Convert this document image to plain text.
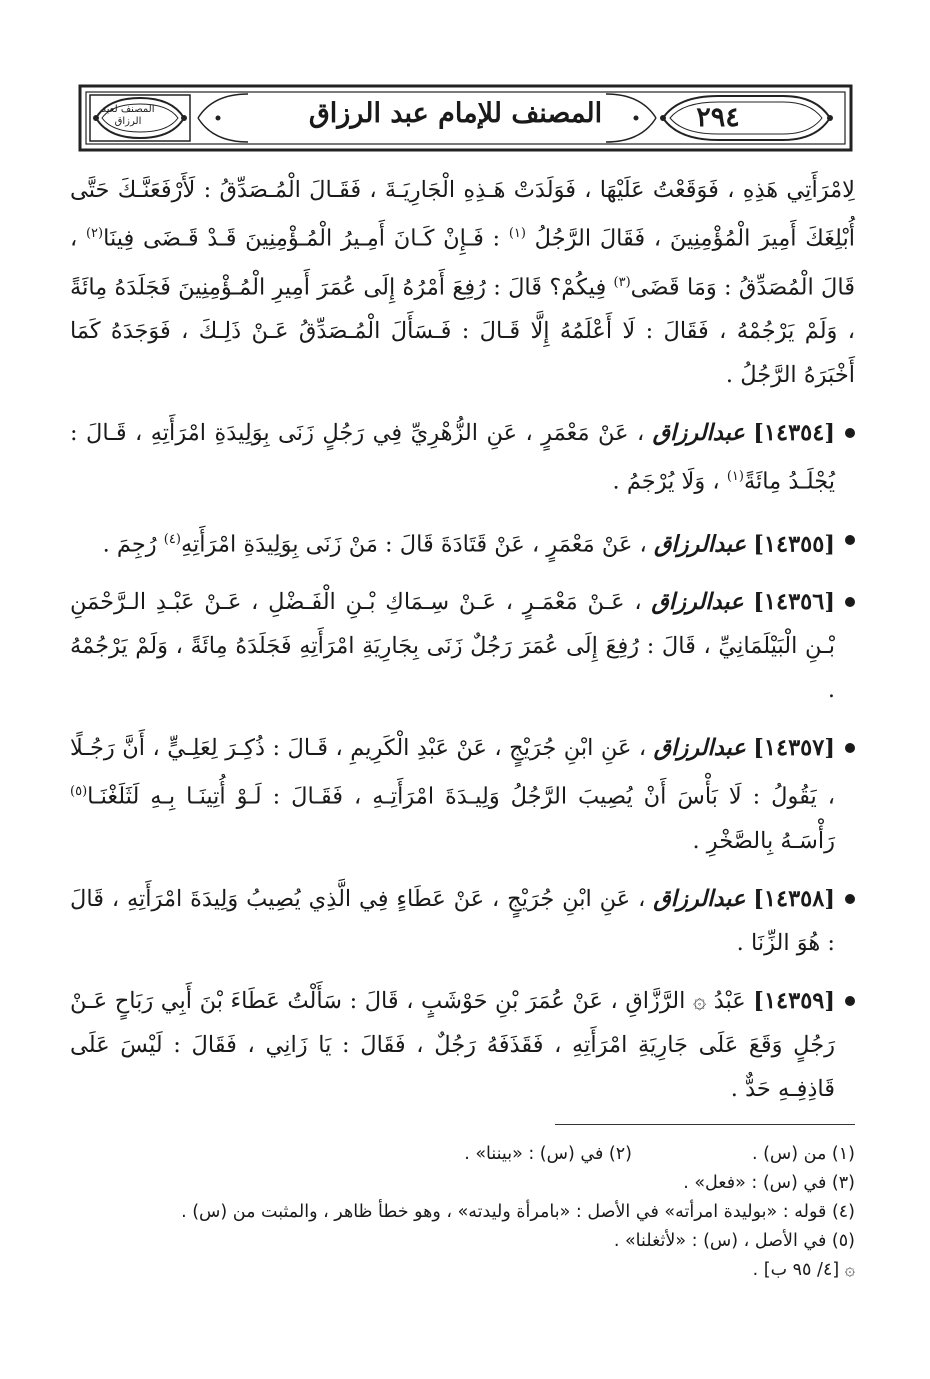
المصنف لعبد الرزاق	٢٩٤
المصنف للإمام عبد الرزاق

لِامْرَأَتِي هَذِهِ ، فَوَقَعْتُ عَلَيْهَا ، فَوَلَدَتْ هَـذِهِ الْجَارِيَـةَ ، فَقَـالَ الْمُـصَدِّقُ : لَأَرْفَعَنَّـكَ حَتَّى أُبْلِغَكَ أَمِيرَ الْمُؤْمِنِينَ ، فَقَالَ الرَّجُلُ $^{(١)}$ : فَـإِنْ كَـانَ أَمِـيرُ الْمُـؤْمِنِينَ قَـدْ قَـضَى فِينَا$^{(٢)}$ ، قَالَ الْمُصَدِّقُ : وَمَا قَضَى$^{(٣)}$ فِيكُمْ؟ قَالَ : رُفِعَ أَمْرُهُ إِلَى عُمَرَ أَمِيرِ الْمُـؤْمِنِينَ فَجَلَدَهُ مِائَةً ، وَلَمْ يَرْجُمْهُ ، فَقَالَ : لَا أَعْلَمُهُ إِلَّا قَـالَ : فَـسَأَلَ الْمُـصَدِّقُ عَـنْ ذَلِـكَ ، فَوَجَدَهُ كَمَا أَخْبَرَهُ الرَّجُلُ .

[١٤٣٥٤] عبدالرزاق ، عَنْ مَعْمَرٍ ، عَنِ الزُّهْرِيِّ فِي رَجُلٍ زَنَى بِوَلِيدَةِ امْرَأَتِهِ ، قَـالَ : يُجْلَـدُ مِائَةً$^{(١)}$ ، وَلَا يُرْجَمُ .
[١٤٣٥٥] عبدالرزاق ، عَنْ مَعْمَرٍ ، عَنْ قَتَادَةَ قَالَ : مَنْ زَنَى بِوَلِيدَةِ امْرَأَتِهِ$^{(٤)}$ رُجِمَ .
[١٤٣٥٦] عبدالرزاق ، عَـنْ مَعْمَـرٍ ، عَـنْ سِـمَاكِ بْـنِ الْفَـضْلِ ، عَـنْ عَبْـدِ الـرَّحْمَنِ بْـنِ الْبَيْلَمَانِيِّ ، قَالَ : رُفِعَ إِلَى عُمَرَ رَجُلٌ زَنَى بِجَارِيَةِ امْرَأَتِهِ فَجَلَدَهُ مِائَةً ، وَلَمْ يَرْجُمْهُ .
[١٤٣٥٧] عبدالرزاق ، عَنِ ابْنِ جُرَيْجٍ ، عَنْ عَبْدِ الْكَرِيمِ ، قَـالَ : ذُكِـرَ لِعَلِـيٍّ ، أَنَّ رَجُـلًا ، يَقُولُ : لَا بَأْسَ أَنْ يُصِيبَ الرَّجُلُ وَلِيـدَةَ امْرَأَتِـهِ ، فَقَـالَ : لَـوْ أُتِينَـا بِـهِ لَثَلَغْنَـا$^{(٥)}$ رَأْسَـهُ بِالصَّخْرِ .
[١٤٣٥٨] عبدالرزاق ، عَنِ ابْنِ جُرَيْجٍ ، عَنْ عَطَاءٍ فِي الَّذِي يُصِيبُ وَلِيدَةَ امْرَأَتِهِ ، قَالَ : هُوَ الزِّنَا .
[١٤٣٥٩] عَبْدُ ۞ الرَّزَّاقِ ، عَنْ عُمَرَ بْنِ حَوْشَبٍ ، قَالَ : سَأَلْتُ عَطَاءَ بْنَ أَبِي رَبَاحٍ عَـنْ رَجُلٍ وَقَعَ عَلَى جَارِيَةِ امْرَأَتِهِ ، فَقَذَفَهُ رَجُلٌ ، فَقَالَ : يَا زَانِي ، فَقَالَ : لَيْسَ عَلَى قَاذِفِـهِ حَدٌّ .
(١) من (س) .
(٢) في (س) : «بيننا» .
(٣) في (س) : «فعل» .
(٤) قوله : «بوليدة امرأته» في الأصل : «بامرأة وليدته» ، وهو خطأ ظاهر ، والمثبت من (س) .
(٥) في الأصل ، (س) : «لأثغلنا» .
۞ [٤/ ٩٥ ب] .
